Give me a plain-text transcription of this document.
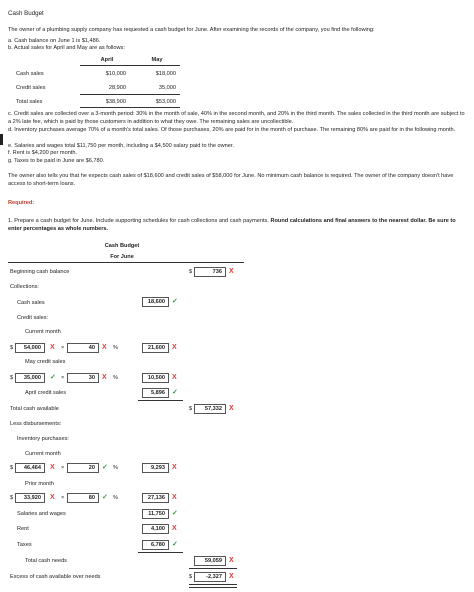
Cash Budget
The owner of a plumbing supply company has requested a cash budget for June. After examining the records of the company, you find the following:
a. Cash balance on June 1 is $1,486.
b. Actual sales for April and May are as follows:
April	May
Cash sales	$10,000	$18,000
Credit sales	28,900	35,000
Total sales	$38,900	$53,000
c. Credit sales are collected over a 3-month period: 30% in the month of sale, 40% in the second month, and 20% in the third month. The sales collected in the third month are subject to a 2% late fee, which is paid by those customers in addition to what they owe. The remaining sales are uncollectible.
d. Inventory purchases average 70% of a month's total sales. Of those purchases, 20% are paid for in the month of purchase. The remaining 80% are paid for in the following month.
e. Salaries and wages total $11,750 per month, including a $4,500 salary paid to the owner.
f. Rent is $4,200 per month.
g. Taxes to be paid in June are $6,780.
The owner also tells you that he expects cash sales of $18,600 and credit sales of $58,000 for June. No minimum cash balance is required. The owner of the company doesn't have access to short-term loans.
Required:
1. Prepare a cash budget for June. Include supporting schedules for cash collections and cash payments. Round calculations and final answers to the nearest dollar. Be sure to enter percentages as whole numbers.
Cash Budget
For June
Beginning cash balance	$	736	X
Collections:
Cash sales	18,600	✓
Credit sales:
Current month
$	54,000	X ×	40	X %	21,600	X
May credit sales
$	35,000	✓ ×	30	X %	10,500	X
April credit sales	5,896	✓
Total cash available	$	57,332	X
Less disbursements:
Inventory purchases:
Current month
$	46,464	X ×	20	✓ %	9,293	X
Prior month
$	33,920	X ×	80	✓ %	27,136	X
Salaries and wages	11,750	✓
Rent	4,100	X
Taxes	6,780	✓
Total cash needs	59,059	X
Excess of cash available over needs	$	-2,327	X
